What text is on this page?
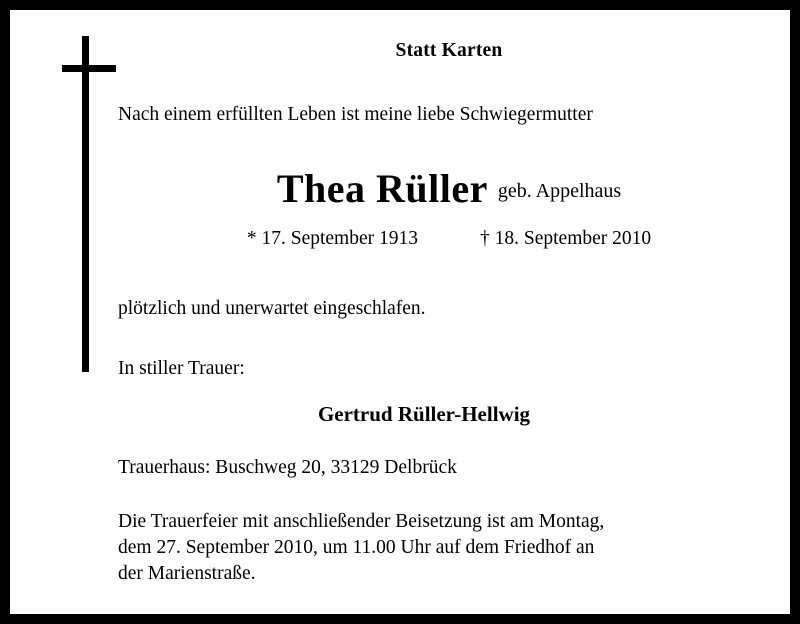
Statt Karten
Nach einem erfüllten Leben ist meine liebe Schwiegermutter
Thea Rüller geb. Appelhaus
* 17. September 1913	† 18. September 2010
plötzlich und unerwartet eingeschlafen.
In stiller Trauer:
Gertrud Rüller-Hellwig
Trauerhaus: Buschweg 20, 33129 Delbrück
Die Trauerfeier mit anschließender Beisetzung ist am Montag,
dem 27. September 2010, um 11.00 Uhr auf dem Friedhof an
der Marienstraße.
Von Beileidsbekundungen am Grab bitte ich Abstand zu nehmen.
